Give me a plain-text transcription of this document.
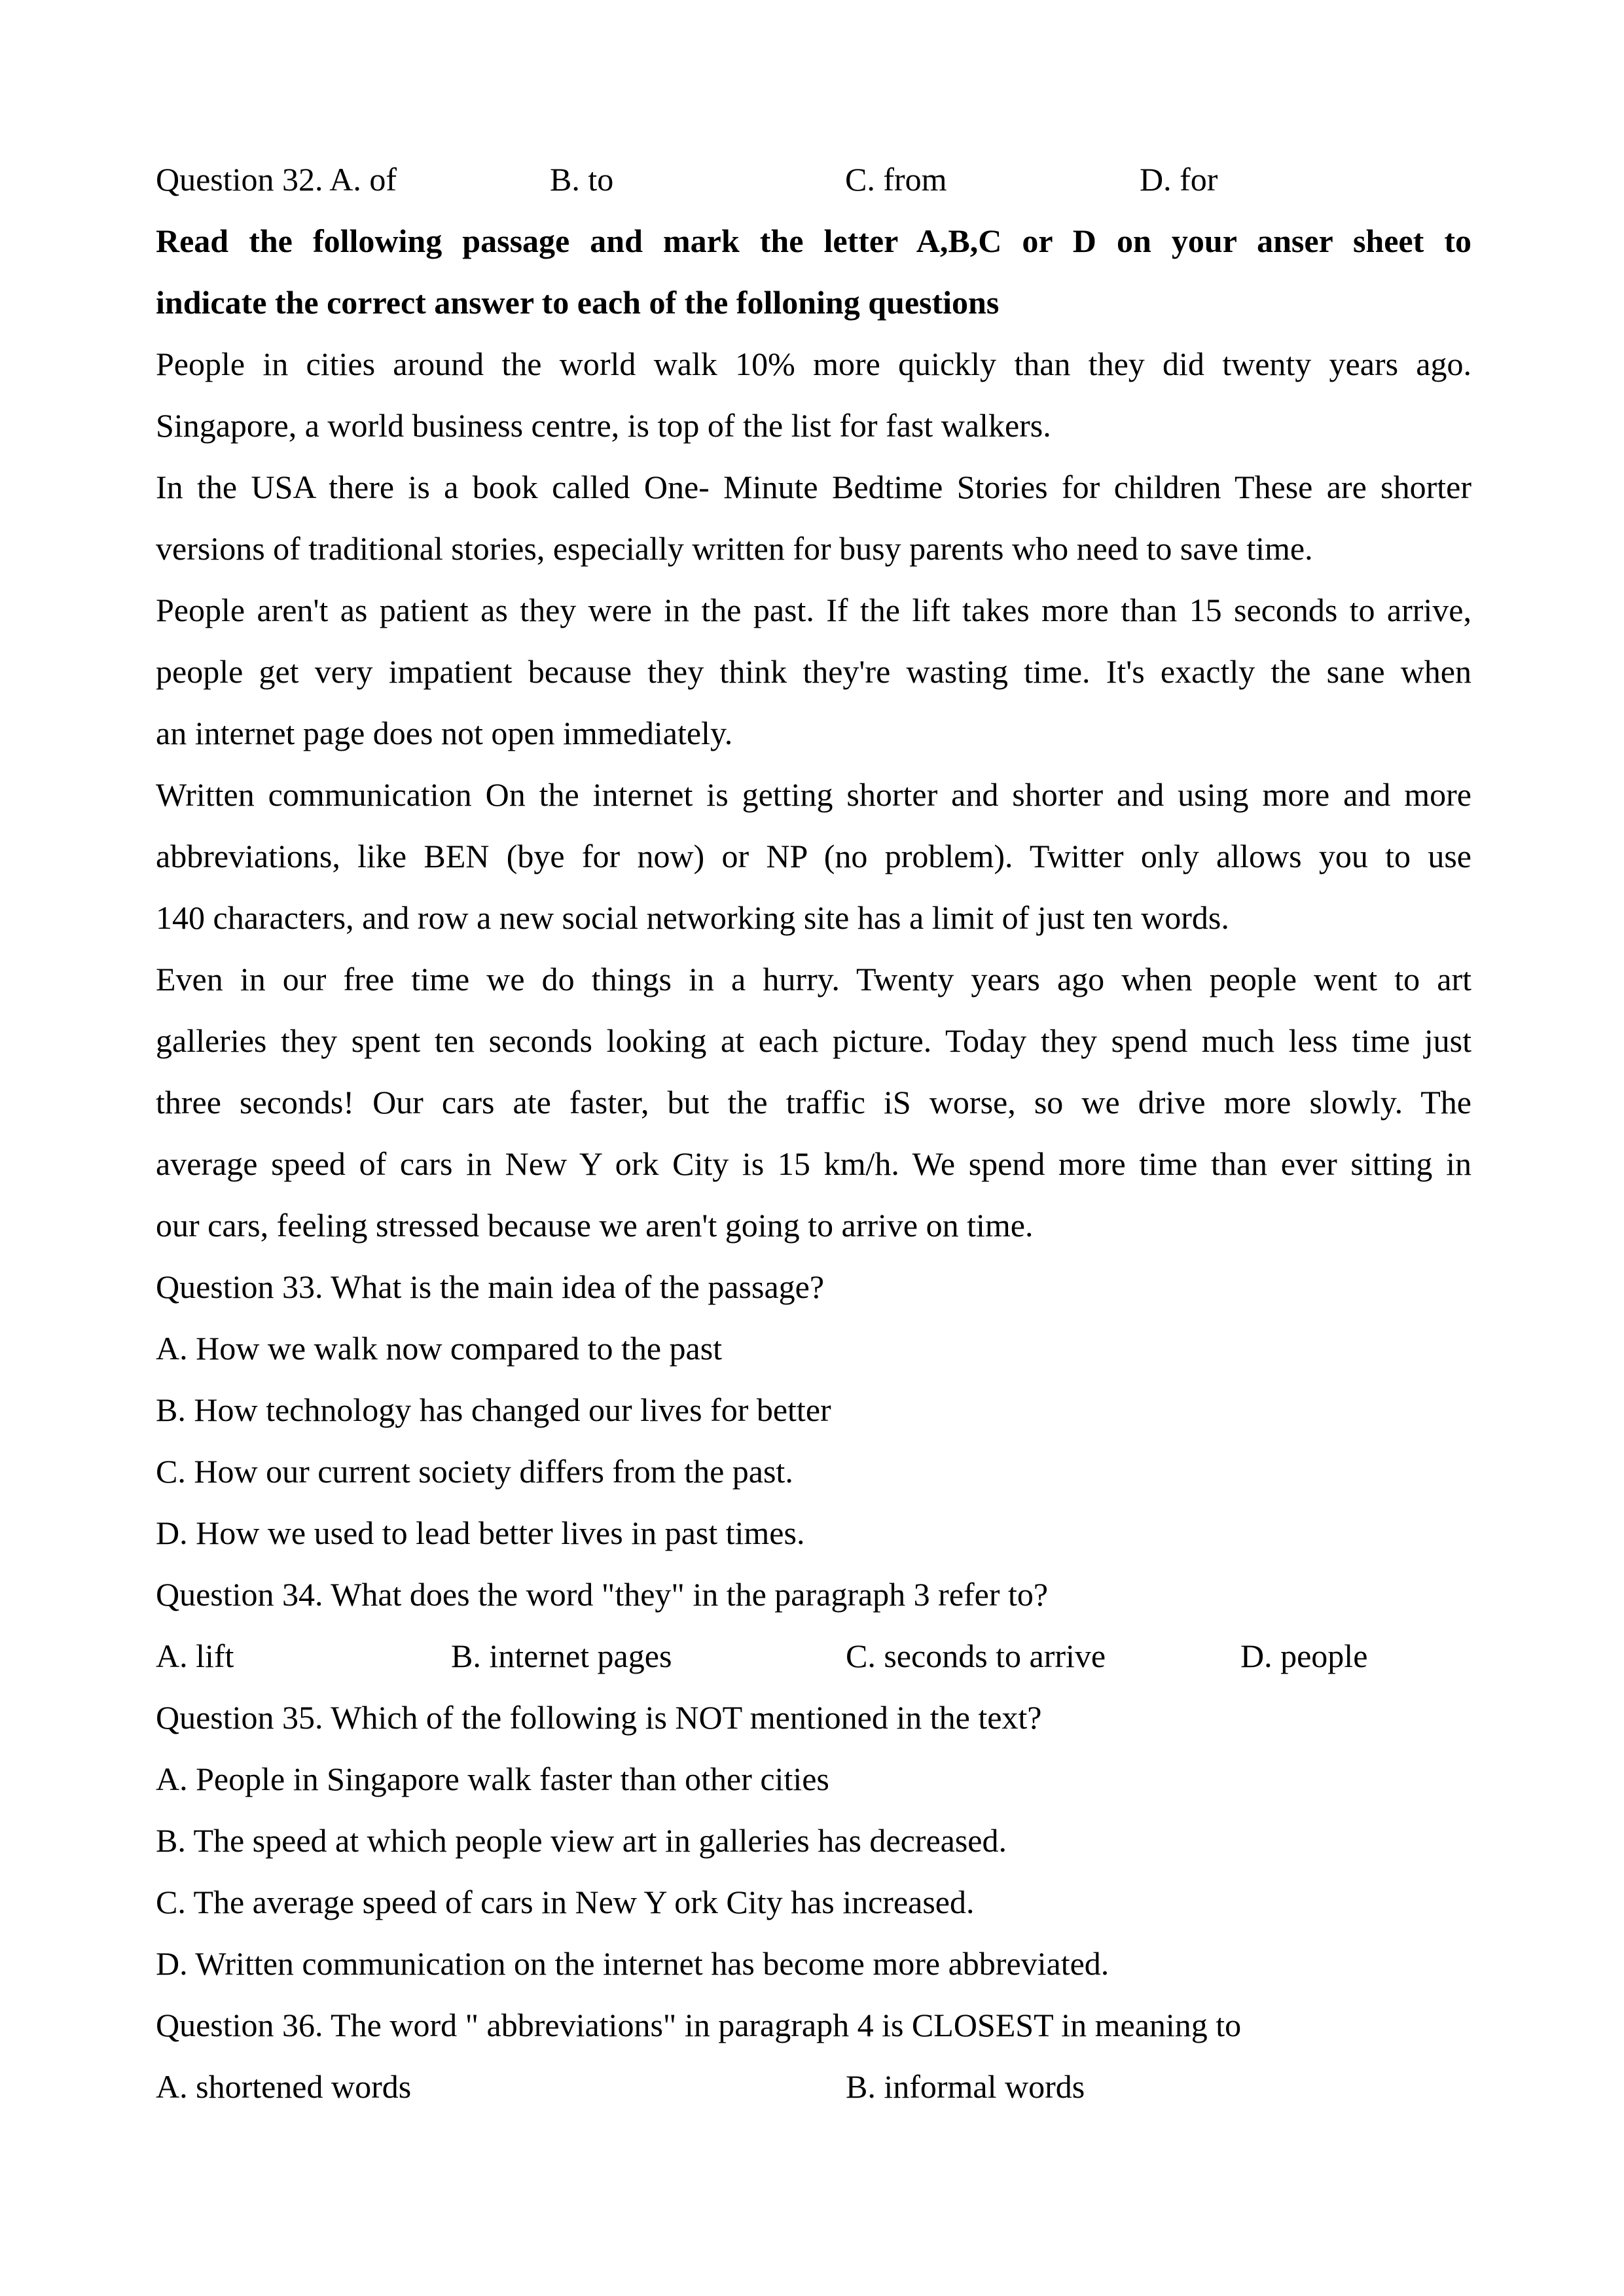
Question 32. A. of	B. to	C. from	D. for
Read the following passage and mark the letter A,B,C or D on your anser sheet to
indicate the correct answer to each of the folloning questions
People in cities around the world walk 10% more quickly than they did twenty years ago.
Singapore, a world business centre, is top of the list for fast walkers.
In the USA there is a book called One- Minute Bedtime Stories for children These are shorter
versions of traditional stories, especially written for busy parents who need to save time.
People aren't as patient as they were in the past. If the lift takes more than 15 seconds to arrive,
people get very impatient because they think they're wasting time. It's exactly the sane when
an internet page does not open immediately.
Written communication On the internet is getting shorter and shorter and using more and more
abbreviations, like BEN (bye for now) or NP (no problem). Twitter only allows you to use
140 characters, and row a new social networking site has a limit of just ten words.
Even in our free time we do things in a hurry. Twenty years ago when people went to art
galleries they spent ten seconds looking at each picture. Today they spend much less time just
three seconds! Our cars ate faster, but the traffic iS worse, so we drive more slowly. The
average speed of cars in New Y ork City is 15 km/h. We spend more time than ever sitting in
our cars, feeling stressed because we aren't going to arrive on time.
Question 33. What is the main idea of the passage?
A. How we walk now compared to the past
B. How technology has changed our lives for better
C. How our current society differs from the past.
D. How we used to lead better lives in past times.
Question 34. What does the word "they" in the paragraph 3 refer to?
A. lift	B. internet pages	C. seconds to arrive	D. people
Question 35. Which of the following is NOT mentioned in the text?
A. People in Singapore walk faster than other cities
B. The speed at which people view art in galleries has decreased.
C. The average speed of cars in New Y ork City has increased.
D. Written communication on the internet has become more abbreviated.
Question 36. The word " abbreviations" in paragraph 4 is CLOSEST in meaning to
A. shortened words	B. informal words
